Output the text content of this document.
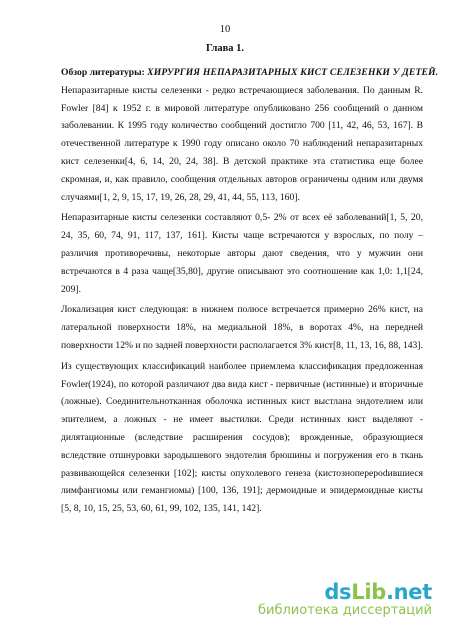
10
Глава 1.
Обзор литературы: ХИРУРГИЯ НЕПАРАЗИТАРНЫХ КИСТ СЕЛЕЗЕНКИ У ДЕТЕЙ.

Непаразитарные кисты селезенки - редко встречающиеся заболевания. По данным R. Fowler [84] к 1952 г. в мировой литературе опубликовано 256 сообщений о данном заболевании. К 1995 году количество сообщений достигло 700 [11, 42, 46, 53, 167]. В отечественной литературе к 1990 году описано около 70 наблюдений непаразитарных кист селезенки[4, 6, 14, 20, 24, 38]. В детской практике эта статистика еще более скромная, и, как правило, сообщения отдельных авторов ограничены одним или двумя случаями[1, 2, 9, 15, 17, 19, 26, 28, 29, 41, 44, 55, 113, 160].

Непаразитарные кисты селезенки составляют 0,5- 2% от всех её заболеваний[1, 5, 20, 24, 35, 60, 74, 91, 117, 137, 161]. Кисты чаще встречаются у взрослых, по полу – различия противоречивы, некоторые авторы дают сведения, что у мужчин они встречаются в 4 раза чаще[35,80], другие описывают это соотношение как 1,0: 1,1[24, 209].

Локализация кист следующая: в нижнем полюсе встречается примерно 26% кист, на латеральной поверхности 18%, на медиальной 18%, в воротах 4%, на передней поверхности 12% и по задней поверхности располагается 3% кист[8, 11, 13, 16, 88, 143].

Из существующих классификаций наиболее приемлема классификация предложенная Fowler(1924), по которой различают два вида кист - первичные (истинные) и вторичные (ложные). Соединительнотканная оболочка истинных кист выстлана эндотелием или эпителием, а ложных - не имеет выстилки. Среди истинных кист выделяют - дилятационные (вследствие расширения сосудов); врожденные, образующиеся вследствие отшнуровки зародышевого эндотелия брюшины и погружения его в ткань развивающейся селезенки [102]; кисты опухолевого генеза (кистозноперерodившиеся лимфангиомы или гемангиомы) [100, 136, 191]; дермоидные и эпидермоидные кисты [5, 8, 10, 15, 25, 53, 60, 61, 99, 102, 135, 141, 142].

dsLib.net
библиотека диссертаций
